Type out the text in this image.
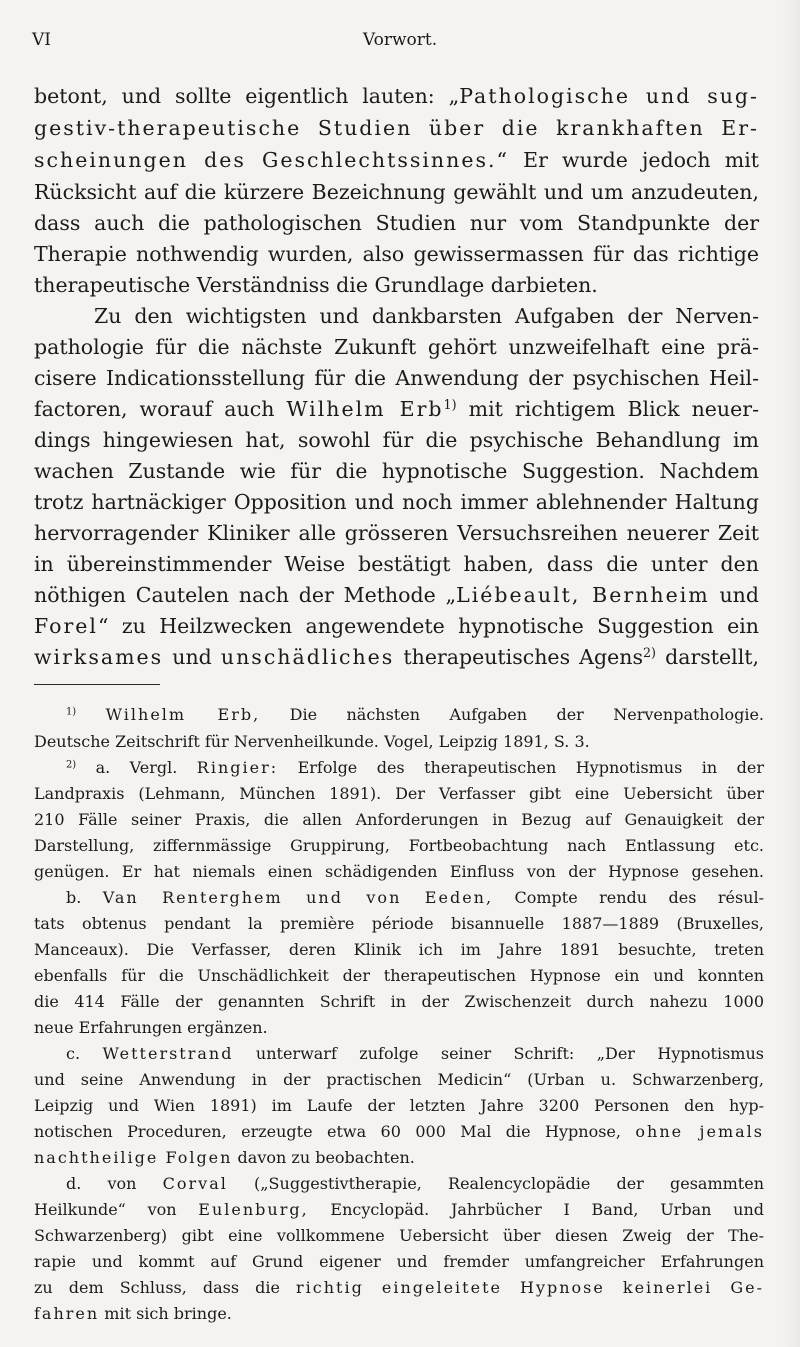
VI	Vorwort.
betont, und sollte eigentlich lauten: „Pathologische und sug-
gestiv-therapeutische Studien über die krankhaften Er-
scheinungen des Geschlechtssinnes.“ Er wurde jedoch mit
Rücksicht auf die kürzere Bezeichnung gewählt und um anzudeuten,
dass auch die pathologischen Studien nur vom Standpunkte der
Therapie nothwendig wurden, also gewissermassen für das richtige
therapeutische Verständniss die Grundlage darbieten.
Zu den wichtigsten und dankbarsten Aufgaben der Nerven-
pathologie für die nächste Zukunft gehört unzweifelhaft eine prä-
cisere Indicationsstellung für die Anwendung der psychischen Heil-
factoren, worauf auch Wilhelm Erb$^{1)}$ mit richtigem Blick neuer-
dings hingewiesen hat, sowohl für die psychische Behandlung im
wachen Zustande wie für die hypnotische Suggestion. Nachdem
trotz hartnäckiger Opposition und noch immer ablehnender Haltung
hervorragender Kliniker alle grösseren Versuchsreihen neuerer Zeit
in übereinstimmender Weise bestätigt haben, dass die unter den
nöthigen Cautelen nach der Methode „Liébeault, Bernheim und
Forel“ zu Heilzwecken angewendete hypnotische Suggestion ein
wirksames und unschädliches therapeutisches Agens$^{2)}$ darstellt,
$^{1)}$ Wilhelm Erb, Die nächsten Aufgaben der Nervenpathologie.
Deutsche Zeitschrift für Nervenheilkunde. Vogel, Leipzig 1891, S. 3.
$^{2)}$ a. Vergl. Ringier: Erfolge des therapeutischen Hypnotismus in der
Landpraxis (Lehmann, München 1891). Der Verfasser gibt eine Uebersicht über
210 Fälle seiner Praxis, die allen Anforderungen in Bezug auf Genauigkeit der
Darstellung, ziffernmässige Gruppirung, Fortbeobachtung nach Entlassung etc.
genügen. Er hat niemals einen schädigenden Einfluss von der Hypnose gesehen.
b. Van Renterghem und von Eeden, Compte rendu des résul-
tats obtenus pendant la première période bisannuelle 1887—1889 (Bruxelles,
Manceaux). Die Verfasser, deren Klinik ich im Jahre 1891 besuchte, treten
ebenfalls für die Unschädlichkeit der therapeutischen Hypnose ein und konnten
die 414 Fälle der genannten Schrift in der Zwischenzeit durch nahezu 1000
neue Erfahrungen ergänzen.
c. Wetterstrand unterwarf zufolge seiner Schrift: „Der Hypnotismus
und seine Anwendung in der practischen Medicin“ (Urban u. Schwarzenberg,
Leipzig und Wien 1891) im Laufe der letzten Jahre 3200 Personen den hyp-
notischen Proceduren, erzeugte etwa 60 000 Mal die Hypnose, ohne jemals
nachtheilige Folgen davon zu beobachten.
d. von Corval („Suggestivtherapie, Realencyclopädie der gesammten
Heilkunde“ von Eulenburg, Encyclopäd. Jahrbücher I Band, Urban und
Schwarzenberg) gibt eine vollkommene Uebersicht über diesen Zweig der The-
rapie und kommt auf Grund eigener und fremder umfangreicher Erfahrungen
zu dem Schluss, dass die richtig eingeleitete Hypnose keinerlei Ge-
fahren mit sich bringe.
